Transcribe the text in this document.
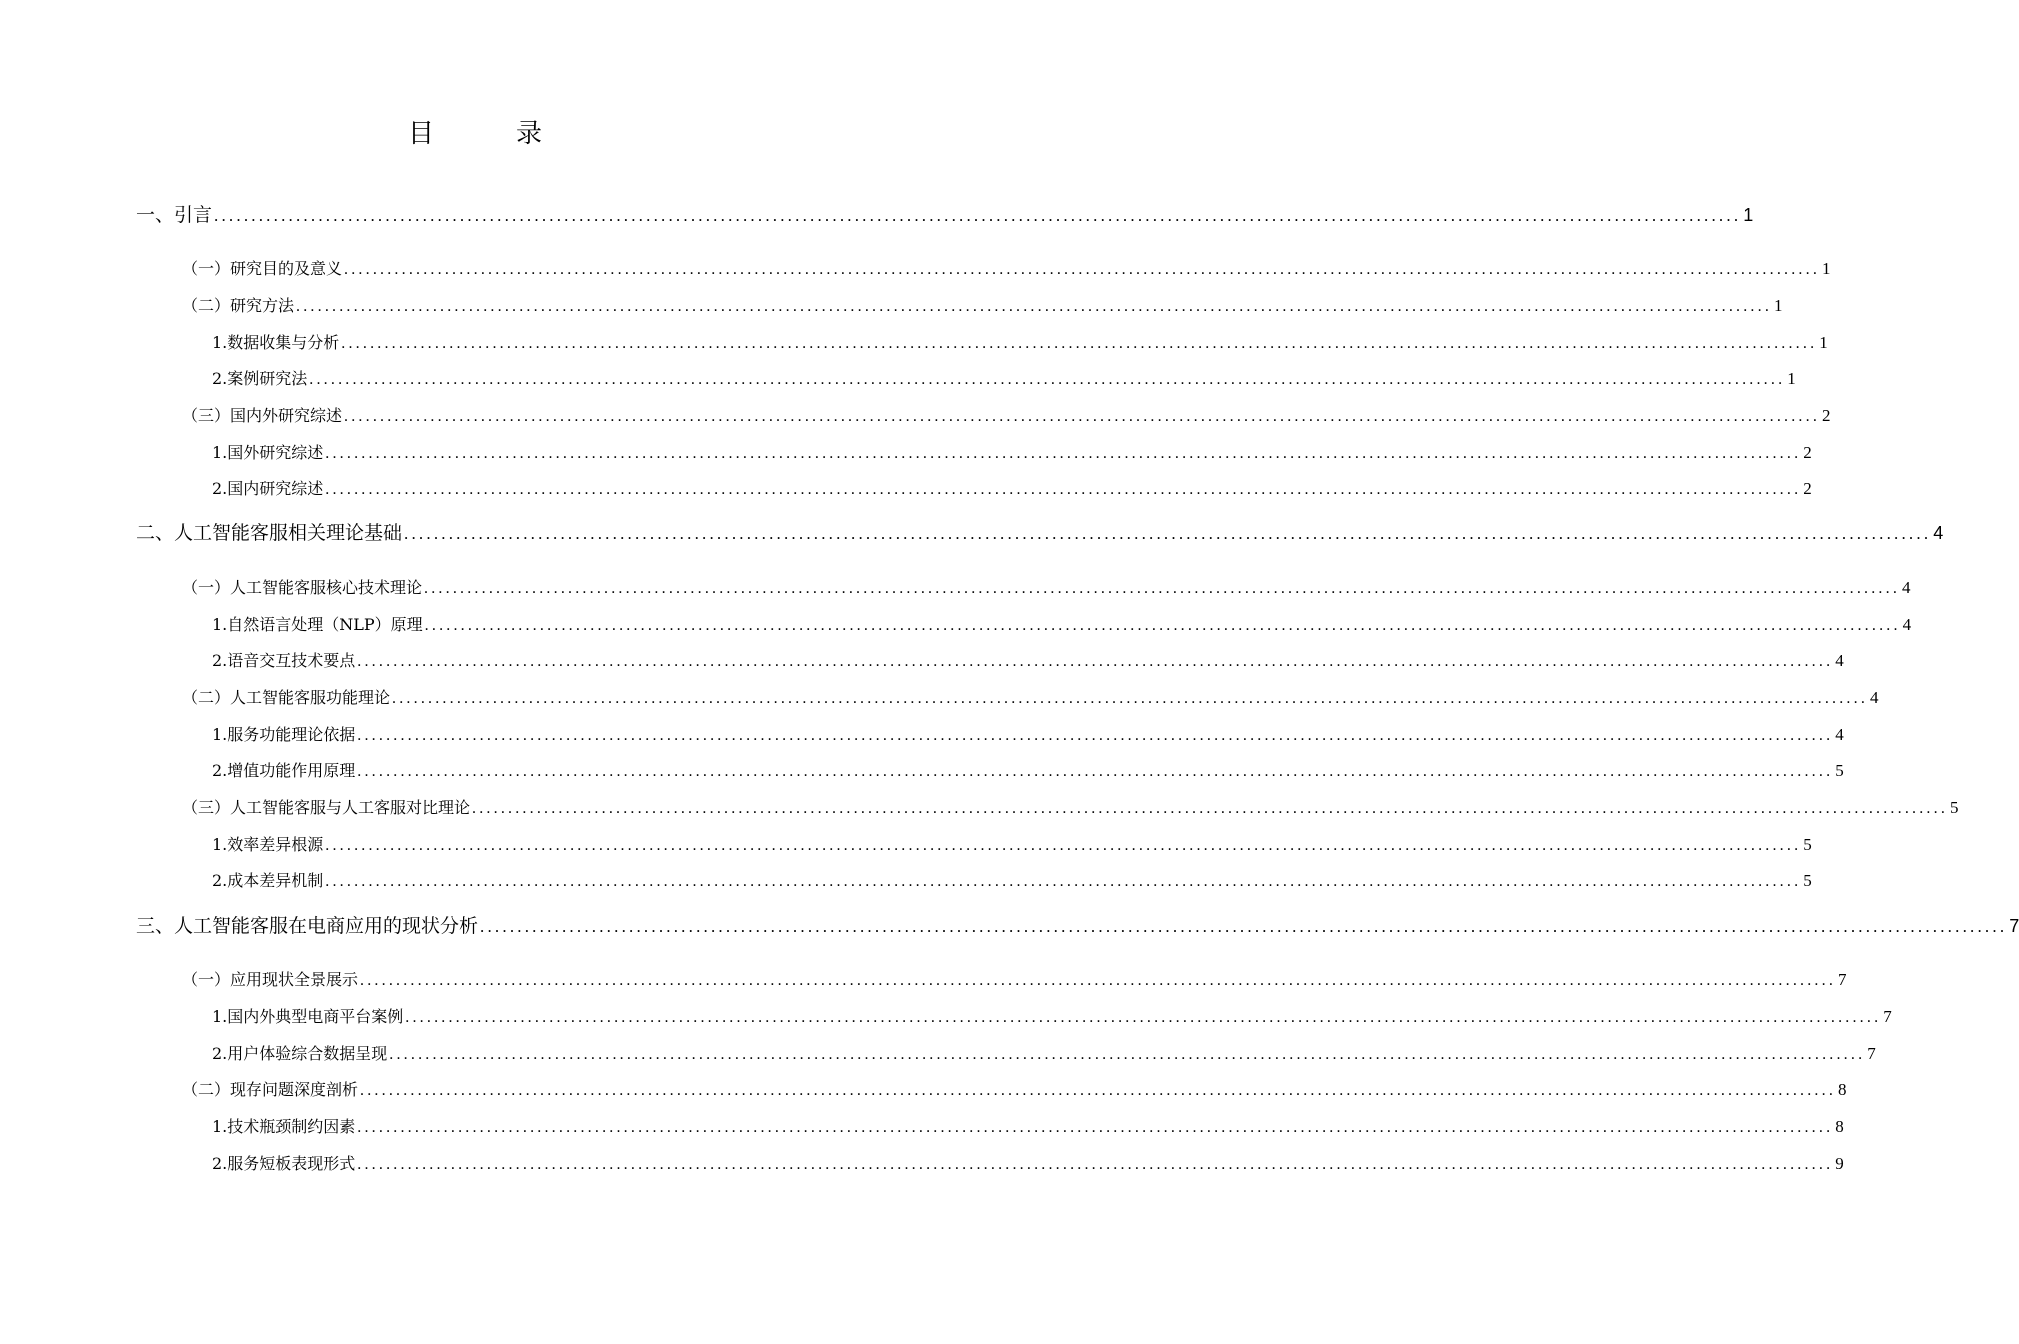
目　录
一、引言 ............................................................................................................................................................................................................. 1
（一）研究目的及意义 ............................................................................................................................................................................................................. 1
（二）研究方法 ............................................................................................................................................................................................................. 1
1.数据收集与分析 ............................................................................................................................................................................................................. 1
2.案例研究法 ............................................................................................................................................................................................................. 1
（三）国内外研究综述 ............................................................................................................................................................................................................. 2
1.国外研究综述 ............................................................................................................................................................................................................. 2
2.国内研究综述 ............................................................................................................................................................................................................. 2
二、人工智能客服相关理论基础 ............................................................................................................................................................................................................. 4
（一）人工智能客服核心技术理论 ............................................................................................................................................................................................................. 4
1.自然语言处理（NLP）原理 ............................................................................................................................................................................................................. 4
2.语音交互技术要点 ............................................................................................................................................................................................................. 4
（二）人工智能客服功能理论 ............................................................................................................................................................................................................. 4
1.服务功能理论依据 ............................................................................................................................................................................................................. 4
2.增值功能作用原理 ............................................................................................................................................................................................................. 5
（三）人工智能客服与人工客服对比理论 ............................................................................................................................................................................................................. 5
1.效率差异根源 ............................................................................................................................................................................................................. 5
2.成本差异机制 ............................................................................................................................................................................................................. 5
三、人工智能客服在电商应用的现状分析 ............................................................................................................................................................................................................. 7
（一）应用现状全景展示 ............................................................................................................................................................................................................. 7
1.国内外典型电商平台案例 ............................................................................................................................................................................................................. 7
2.用户体验综合数据呈现 ............................................................................................................................................................................................................. 7
（二）现存问题深度剖析 ............................................................................................................................................................................................................. 8
1.技术瓶颈制约因素 ............................................................................................................................................................................................................. 8
2.服务短板表现形式 ............................................................................................................................................................................................................. 9
